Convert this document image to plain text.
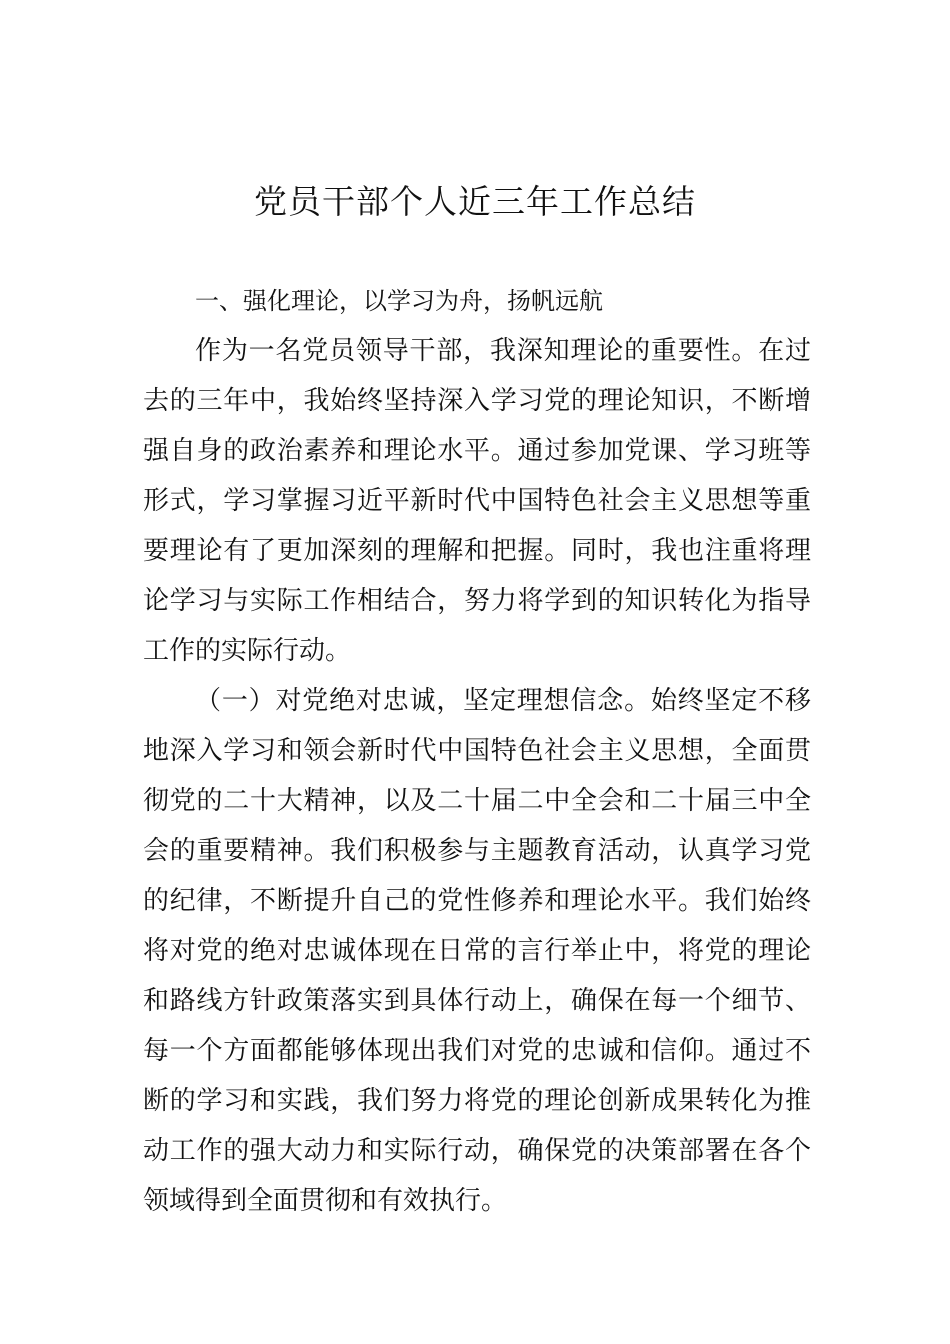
党员干部个人近三年工作总结

一、强化理论，以学习为舟，扬帆远航

作为一名党员领导干部，我深知理论的重要性。在过去的三年中，我始终坚持深入学习党的理论知识，不断增强自身的政治素养和理论水平。通过参加党课、学习班等形式，学习掌握习近平新时代中国特色社会主义思想等重要理论有了更加深刻的理解和把握。同时，我也注重将理论学习与实际工作相结合，努力将学到的知识转化为指导工作的实际行动。

（一）对党绝对忠诚，坚定理想信念。始终坚定不移地深入学习和领会新时代中国特色社会主义思想，全面贯彻党的二十大精神，以及二十届二中全会和二十届三中全会的重要精神。我们积极参与主题教育活动，认真学习党的纪律，不断提升自己的党性修养和理论水平。我们始终将对党的绝对忠诚体现在日常的言行举止中，将党的理论和路线方针政策落实到具体行动上，确保在每一个细节、每一个方面都能够体现出我们对党的忠诚和信仰。通过不断的学习和实践，我们努力将党的理论创新成果转化为推动工作的强大动力和实际行动，确保党的决策部署在各个领域得到全面贯彻和有效执行。
